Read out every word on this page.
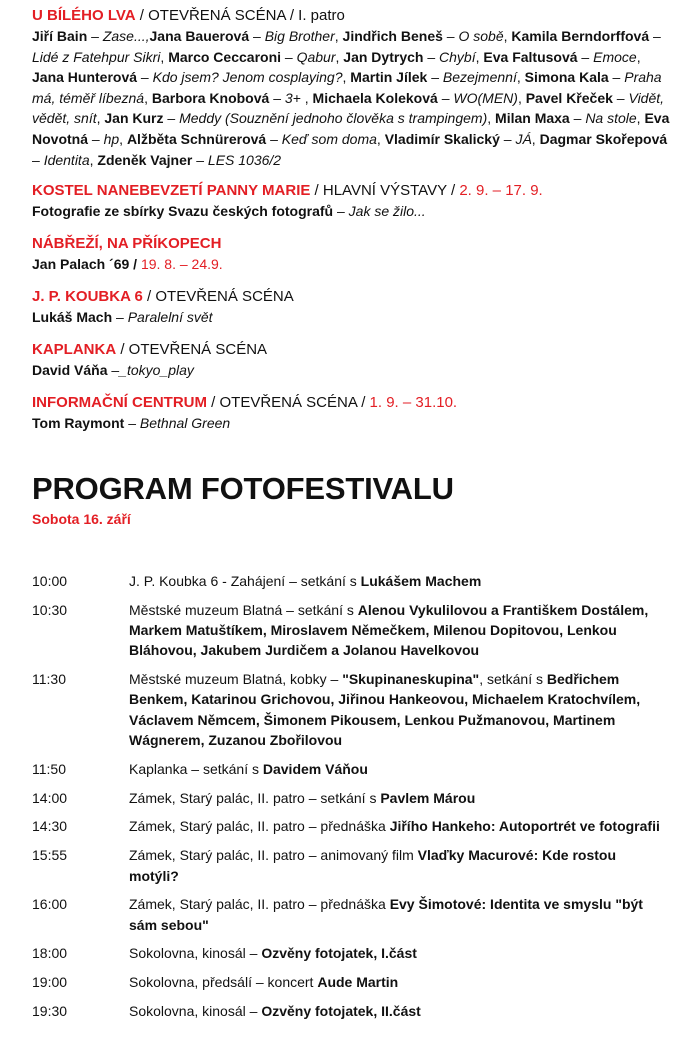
U BÍLÉHO LVA / OTEVŘENÁ SCÉNA / I. patro

Jiří Bain – Zase...,Jana Bauerová – Big Brother, Jindřich Beneš – O sobě, Kamila Berndorffová – Lidé z Fatehpur Sikri, Marco Ceccaroni – Qabur, Jan Dytrych – Chybí, Eva Faltusová – Emoce, Jana Hunterová – Kdo jsem? Jenom cosplaying?, Martin Jílek – Bezejmenní, Simona Kala – Praha má, téměř líbezná, Barbora Knobová – 3+ , Michaela Koleková – WO(MEN), Pavel Křeček – Vidět, vědět, snít, Jan Kurz – Meddy (Souznění jednoho člověka s trampingem), Milan Maxa – Na stole, Eva Novotná – hp, Alžběta Schnürerová – Keď som doma, Vladimír Skalický – JÁ, Dagmar Skořepová – Identita, Zdeněk Vajner – LES 1036/2

KOSTEL NANEBEVZETÍ PANNY MARIE / HLAVNÍ VÝSTAVY / 2. 9. – 17. 9.

Fotografie ze sbírky Svazu českých fotografů – Jak se žilo...

NÁBŘEŽÍ, NA PŘÍKOPECH

Jan Palach ´69 / 19. 8. – 24.9.

J. P. KOUBKA 6 / OTEVŘENÁ SCÉNA

Lukáš Mach – Paralelní svět

KAPLANKA / OTEVŘENÁ SCÉNA

David Váňa –_tokyo_play

INFORMAČNÍ CENTRUM / OTEVŘENÁ SCÉNA / 1. 9. – 31.10.

Tom Raymont – Bethnal Green

PROGRAM FOTOFESTIVALU
Sobota 16. září
10:00	J. P. Koubka 6 - Zahájení – setkání s Lukášem Machem
10:30	Městské muzeum Blatná – setkání s Alenou Vykulilovou a Františkem Dostálem, Markem Matuštíkem, Miroslavem Němečkem, Milenou Dopitovou, Lenkou Bláhovou, Jakubem Jurdičem a Jolanou Havelkovou
11:30	Městské muzeum Blatná, kobky – "Skupinaneskupina", setkání s Bedřichem Benkem, Katarinou Grichovou, Jiřinou Hankeovou, Michaelem Kratochvílem, Václavem Němcem, Šimonem Pikousem, Lenkou Pužmanovou, Martinem Wágnerem, Zuzanou Zbořilovou
11:50	Kaplanka – setkání s Davidem Váňou
14:00	Zámek, Starý palác, II. patro – setkání s Pavlem Márou
14:30	Zámek, Starý palác, II. patro – přednáška Jiřího Hankeho: Autoportrét ve fotografii
15:55	Zámek, Starý palác, II. patro – animovaný film Vlaďky Macurové: Kde rostou motýli?
16:00	Zámek, Starý palác, II. patro – přednáška Evy Šimotové: Identita ve smyslu "být sám sebou"
18:00	Sokolovna, kinosál – Ozvěny fotojatek, I.část
19:00	Sokolovna, předsálí – koncert Aude Martin
19:30	Sokolovna, kinosál – Ozvěny fotojatek, II.část
